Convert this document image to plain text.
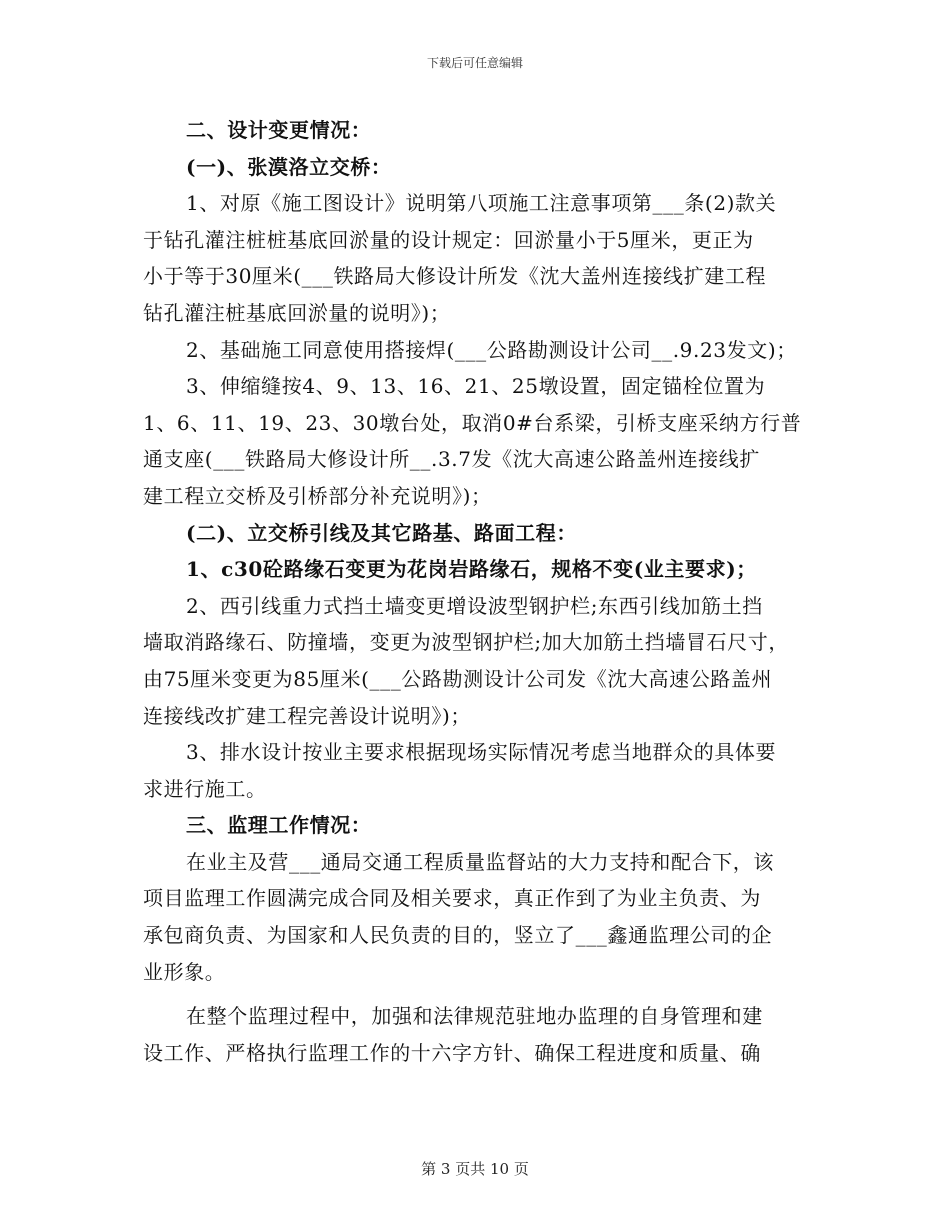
下载后可任意编辑
二、设计变更情况：
(一)、张漠洛立交桥：
1、对原《施工图设计》说明第八项施工注意事项第___条(2)款关
于钻孔灌注桩桩基底回淤量的设计规定：回淤量小于5厘米，更正为
小于等于30厘米(___铁路局大修设计所发《沈大盖州连接线扩建工程
钻孔灌注桩基底回淤量的说明》)；
2、基础施工同意使用搭接焊(___公路勘测设计公司__.9.23发文)；
3、伸缩缝按4、9、13、16、21、25墩设置，固定锚栓位置为
1、6、11、19、23、30墩台处，取消0#台系梁，引桥支座采纳方行普
通支座(___铁路局大修设计所__.3.7发《沈大高速公路盖州连接线扩
建工程立交桥及引桥部分补充说明》)；
(二)、立交桥引线及其它路基、路面工程：
1、c30砼路缘石变更为花岗岩路缘石，规格不变(业主要求)；
2、西引线重力式挡土墙变更增设波型钢护栏;东西引线加筋土挡
墙取消路缘石、防撞墙，变更为波型钢护栏;加大加筋土挡墙冒石尺寸，
由75厘米变更为85厘米(___公路勘测设计公司发《沈大高速公路盖州
连接线改扩建工程完善设计说明》)；
3、排水设计按业主要求根据现场实际情况考虑当地群众的具体要
求进行施工。
三、监理工作情况：
在业主及营___通局交通工程质量监督站的大力支持和配合下，该
项目监理工作圆满完成合同及相关要求，真正作到了为业主负责、为
承包商负责、为国家和人民负责的目的，竖立了___鑫通监理公司的企
业形象。
在整个监理过程中，加强和法律规范驻地办监理的自身管理和建
设工作、严格执行监理工作的十六字方针、确保工程进度和质量、确
第 3 页共 10 页
